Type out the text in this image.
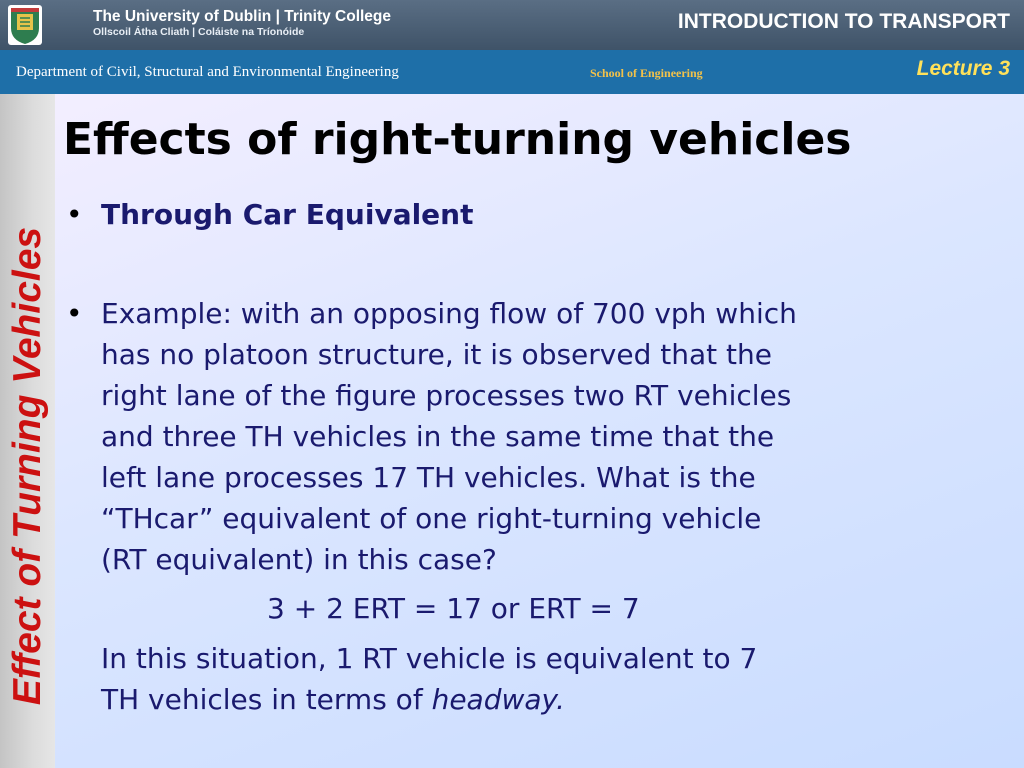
The University of Dublin | Trinity College
Ollscoil Átha Cliath | Coláiste na Tríonóide	INTRODUCTION TO TRANSPORT
Department of Civil, Structural and Environmental Engineering	School of Engineering	Lecture 3
Effect of Turning Vehicles
Effects of right-turning vehicles
• Through Car Equivalent

• Example: with an opposing flow of 700 vph which

has no platoon structure, it is observed that the

right lane of the figure processes two RT vehicles

and three TH vehicles in the same time that the

left lane processes 17 TH vehicles. What is the

“THcar” equivalent of one right-turning vehicle

(RT equivalent) in this case?

3 + 2 ERT = 17 or ERT = 7

In this situation, 1 RT vehicle is equivalent to 7

TH vehicles in terms of headway.
